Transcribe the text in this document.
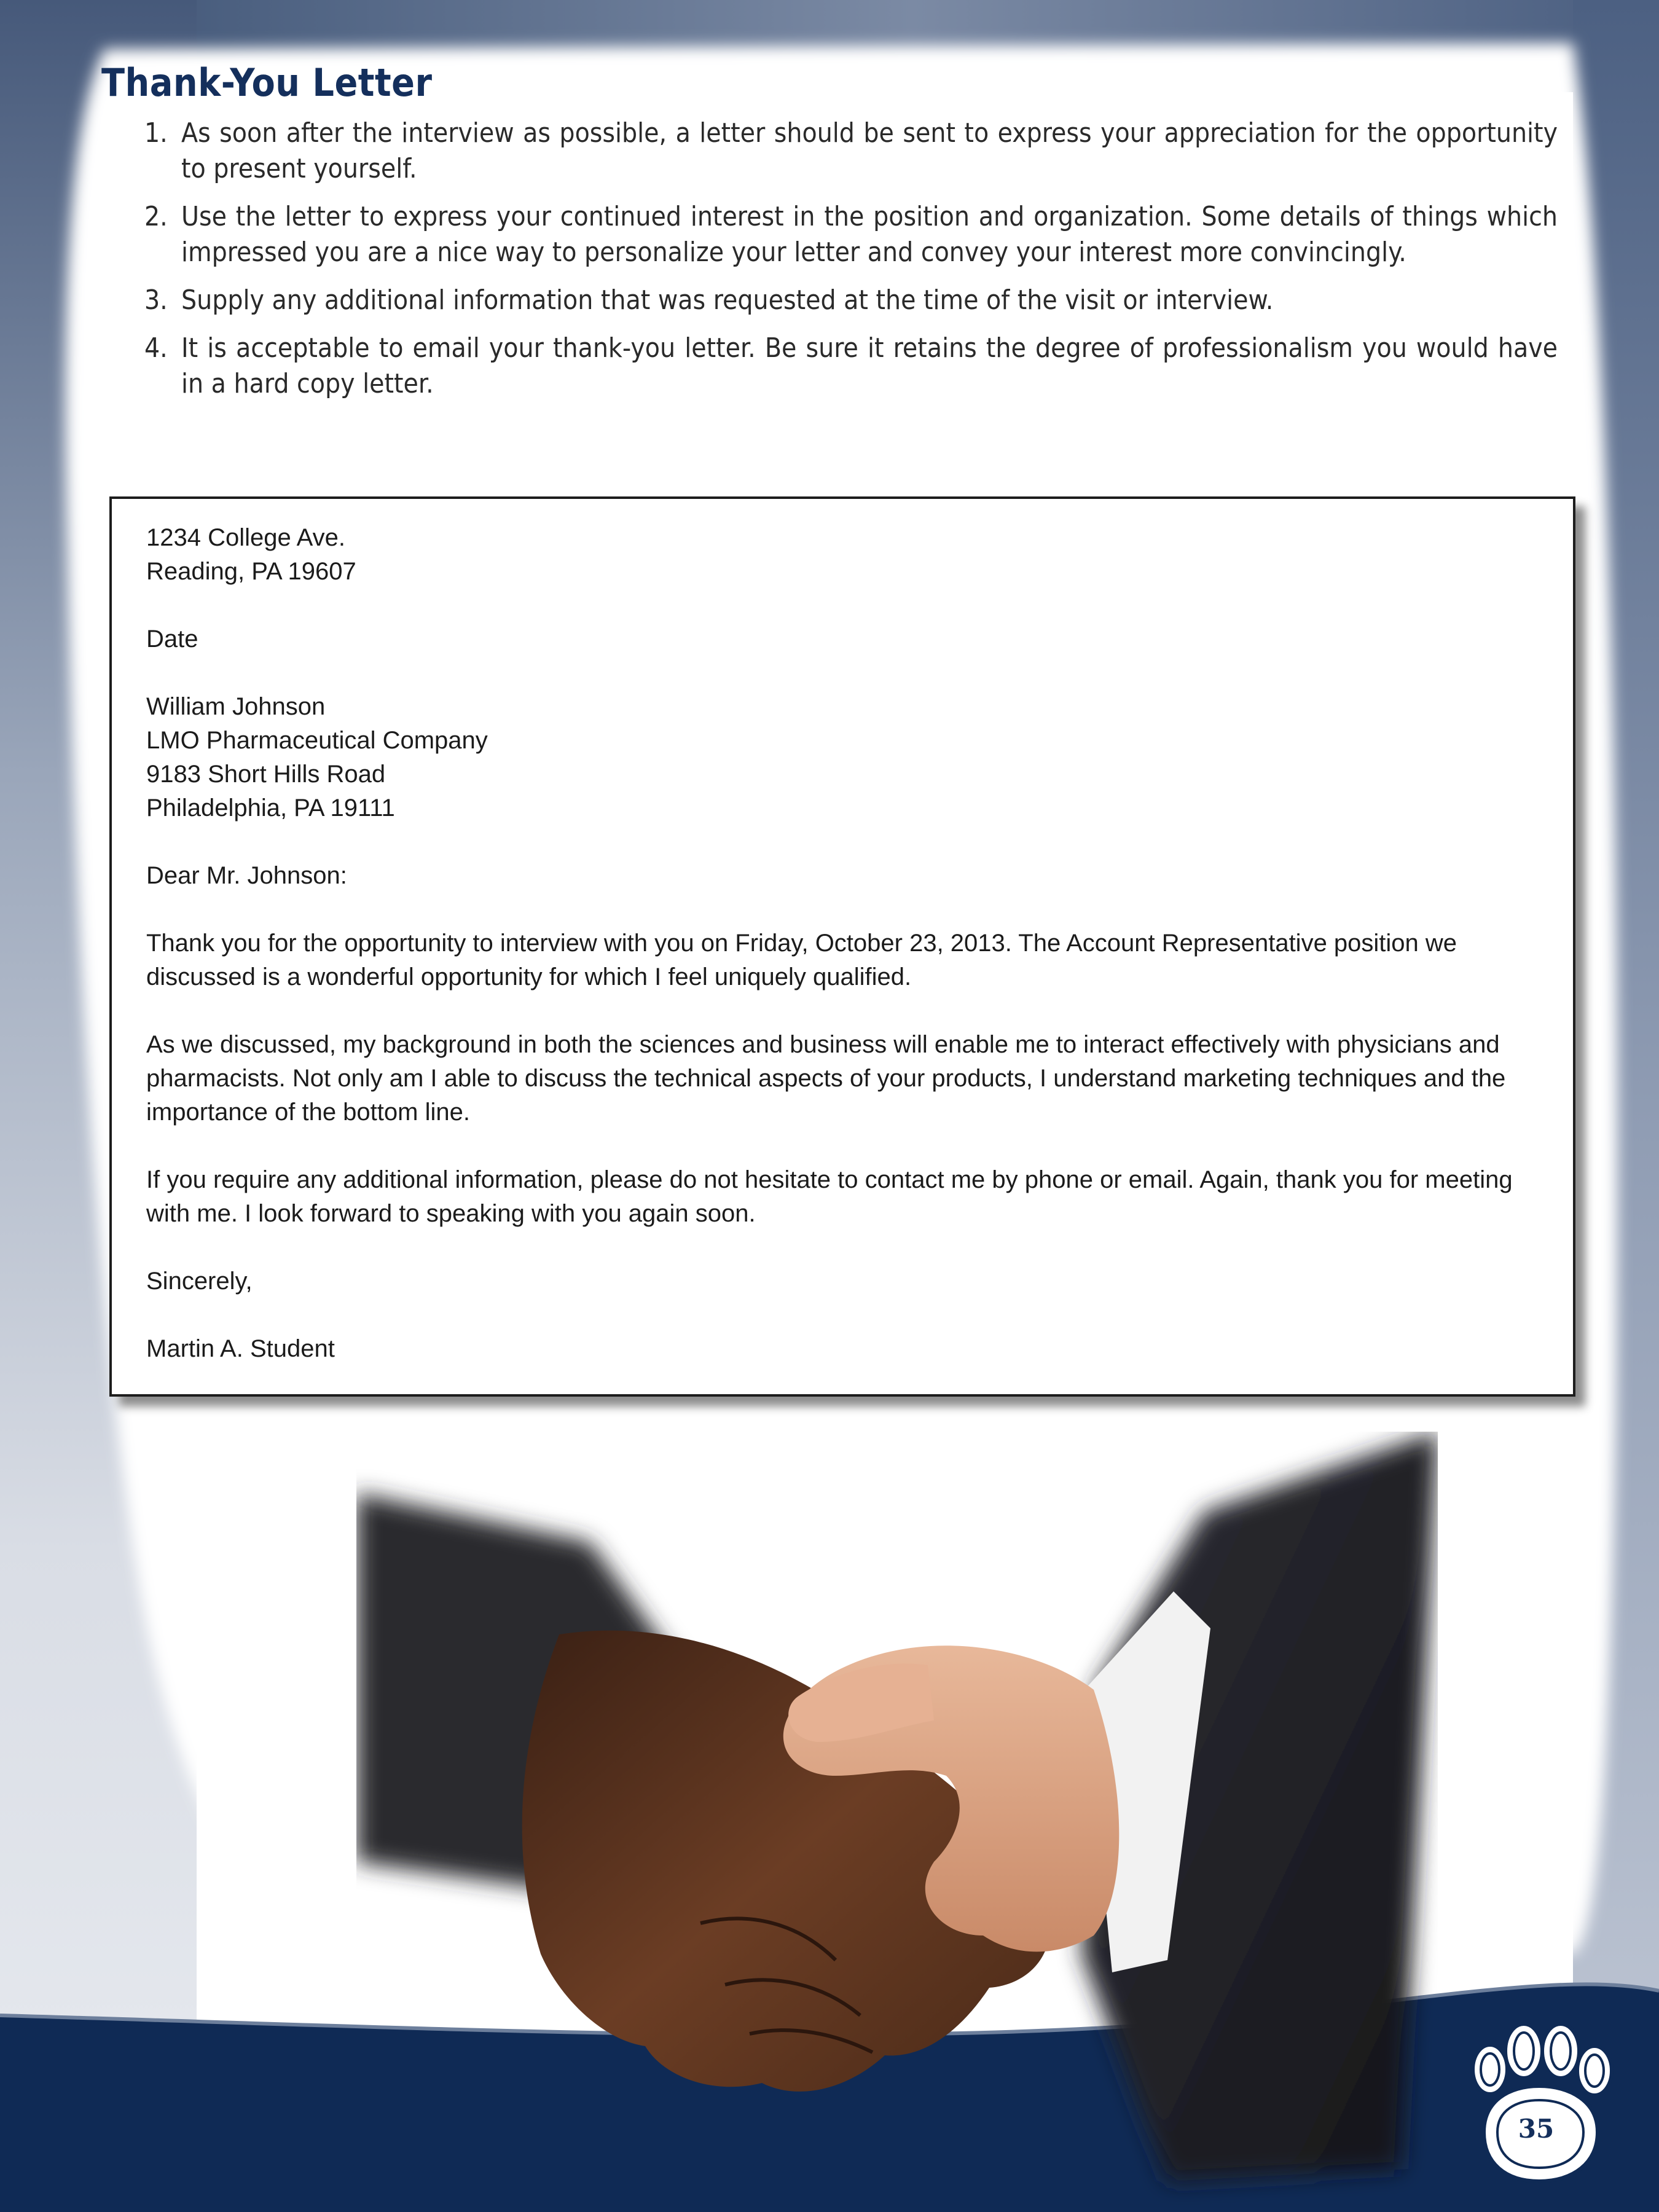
Thank-You Letter
1. As soon after the interview as possible, a letter should be sent to express your appreciation for the opportunity to present yourself.
2. Use the letter to express your continued interest in the position and organization. Some details of things which impressed you are a nice way to personalize your letter and convey your interest more convincingly.
3. Supply any additional information that was requested at the time of the visit or interview.
4. It is acceptable to email your thank-you letter. Be sure it retains the degree of professionalism you would have in a hard copy letter.

1234 College Ave.

Reading, PA 19607

Date

William Johnson

LMO Pharmaceutical Company

9183 Short Hills Road

Philadelphia, PA 19111

Dear Mr. Johnson:

Thank you for the opportunity to interview with you on Friday, October 23, 2013. The Account Representative position we discussed is a wonderful opportunity for which I feel uniquely qualified.

As we discussed, my background in both the sciences and business will enable me to interact effectively with physicians and pharmacists. Not only am I able to discuss the technical aspects of your products, I understand marketing techniques and the importance of the bottom line.

If you require any additional information, please do not hesitate to contact me by phone or email. Again, thank you for meeting with me. I look forward to speaking with you again soon.

Sincerely,

Martin A. Student

35
